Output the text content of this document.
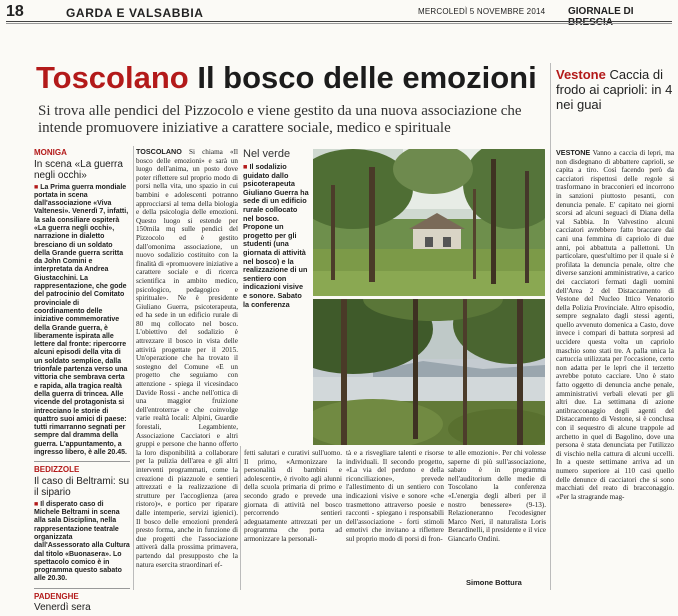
18	GARDA E VALSABBIA	MERCOLEDÌ 5 NOVEMBRE 2014 GIORNALE DI
Toscolano Il bosco delle emozioni
Si trova alle pendici del Pizzocolo e viene gestito da una nuova associazione che intende promuovere iniziative a carattere sociale, medico e spirituale
MONIGA
In scena «La guerra negli occhi»
■ La Prima guerra mondiale portata in scena dall'associazione «Viva Valtenesi». Venerdì 7, infatti, la sala consiliare ospiterà «La guerra negli occhi», narrazione in dialetto bresciano di un soldato della Grande guerra scritta da John Comini e interpretata da Andrea Giustacchini. La rappresentazione, che gode del patrocinio del Comitato provinciale di coordinamento delle iniziative commemorative della Grande guerra, è liberamente ispirata alle lettere dal fronte: ripercorre alcuni episodi della vita di un soldato semplice, dalla trionfale partenza verso una vittoria che sembrava certa e rapida, alla tragica realtà della guerra di trincea. Alle vicende del protagonista si intrecciano le storie di quattro suoi amici di paese: tutti rimarranno segnati per sempre dal dramma della guerra. L'appuntamento, a ingresso libero, è alle 20.45.
BEDIZZOLE
Il caso di Beltrami: su il sipario
■ Il disperato caso di Michele Beltrami in scena alla sala Disciplina, nella rappresentazione teatrale organizzata dall'Assessorato alla Cultura dal titolo «Buonasera». Lo spettacolo comico è in programma questo sabato alle 20.30.
PADENGHE
Venerdì sera
TOSCOLANO Si chiama «Il bosco delle emozioni» e sarà un luogo dell'anima, un posto dove poter riflettere sul proprio modo di porsi nella vita, uno spazio in cui bambini e adolescenti potranno approcciarsi al tema della biologia e della psicologia delle emozioni. Questo luogo si estende per 150mila mq sulle pendici del Pizzocolo ed è gestito dall'omonima associazione, un nuovo sodalizio costituito con la finalità di «promuovere iniziative a carattere sociale e di ricerca scientifica in ambito medico, psicologico, pedagogico e spirituale». Ne è presidente Giuliano Guerra, psicoterapeuta, ed ha sede in un edificio rurale di 80 mq collocato nel bosco. L'obiettivo del sodalizio è attrezzare il bosco in vista delle attività progettate per il 2015. Un'operazione che ha trovato il sostegno del Comune «E un progetto che seguiamo con attenzione - spiega il vicesindaco Davide Rossi - anche nell'ottica di una maggior fruizione dell'entroterra» e che coinvolge varie realtà locali: Alpini, Guardie forestali, Legambiente, Associazione Cacciatori e altri gruppi e persone che hanno offerto la loro disponibilità a collaborare per la pulizia dell'area e gli altri interventi programmati, come la creazione di piazzuole e sentieri attrezzati e la realizzazione di strutture per l'accoglienza (area ristoro)», e portico per riparare dalle intemperie, servizi igienici). Il bosco delle emozioni prenderà presto forma, anche in funzione di due progetti che l'associazione attiverà dalla prossima primavera, partendo dal presupposto che la natura esercita straordinari ef-
Nel verde
■ Il sodalizio guidato dallo psicoterapeuta Giuliano Guerra ha sede di un edificio rurale collocato nel bosco. Propone un progetto per gli studenti (una giornata di attività nel bosco) e la realizzazione di un sentiero con indicazioni visive e sonore. Sabato la conferenza
fetti salutari e curativi sull'uomo. Il primo, «Armonizzare la personalità di bambini e adolescenti», è rivolto agli alunni della scuola primaria di primo e secondo grado e prevede una giornata di attività nel bosco percorrendo sentieri adeguatamente attrezzati per un programma che porta ad armonizzare la personali-
tà e a risvegliare talenti e risorse individuali. Il secondo progetto, «La via del perdono e della riconciliazione», prevede l'allestimento di un sentiero con indicazioni visive e sonore «che trasmettono attraverso poesie e racconti - spiegano i responsabili dell'associazione - forti stimoli emotivi che invitano a riflettere sul proprio modo di porsi di fron-
te alle emozioni». Per chi volesse saperne di più sull'associazione, sabato è in programma nell'auditorium delle medie di Toscolano la conferenza «L'energia degli alberi per il nostro benessere» (9-13). Relazioneranno l'ecodesigner Marco Neri, il naturalista Loris Berardinelli, il presidente e il vice Giancarlo Ondini.
Simone Bottura
Vestone Caccia di frodo ai caprioli: in 4 nei guai
VESTONE Vanno a caccia di lepri, ma non disdegnano di abbattere caprioli, se capita a tiro. Così facendo però da cacciatori rispettosi delle regole si trasformano in bracconieri ed incorrono in sanzioni piuttosto pesanti, con denuncia penale. E' capitato nei giorni scorsi ad alcuni seguaci di Diana della val Sabbia. In Valvestino alcuni cacciatori avrebbero fatto braccare dai cani una femmina di capriolo di due anni, poi abbattuta a pallettoni. Un particolare, quest'ultimo per il quale si è profilata la denuncia penale, oltre che diverse sanzioni amministrative, a carico dei cacciatori fermati dagli uomini dell'Area 2 del Distaccamento di Vestone del Nucleo Ittico Venatorio della Polizia Provinciale. Altro episodio, sempre segnalato dagli stessi agenti, quello avvenuto domenica a Casto, dove invece i compari di battuta sorpresi ad uccidere questa volta un capriolo maschio sono stati tre. A palla unica la cartuccia utilizzata per l'occasione, certo non adatta per le lepri che il terzetto avrebbe potuto cacciare. Uno è stato fatto oggetto di denuncia anche penale, amministrativi verbali elevati per gli altri due. La settimana di azione antibracconaggio degli agenti del Distaccamento di Vestone, si è conclusa con il sequestro di alcune trappole ad archetto in quel di Bagolino, dove una persona è stata denunciata per l'utilizzo di vischio nella cattura di alcuni uccelli. In a queste settimane arriva ad un numero superiore ai 110 casi quello delle denunce di cacciatori che si sono macchiati del reato di bracconaggio. «Per la stragrande mag-
